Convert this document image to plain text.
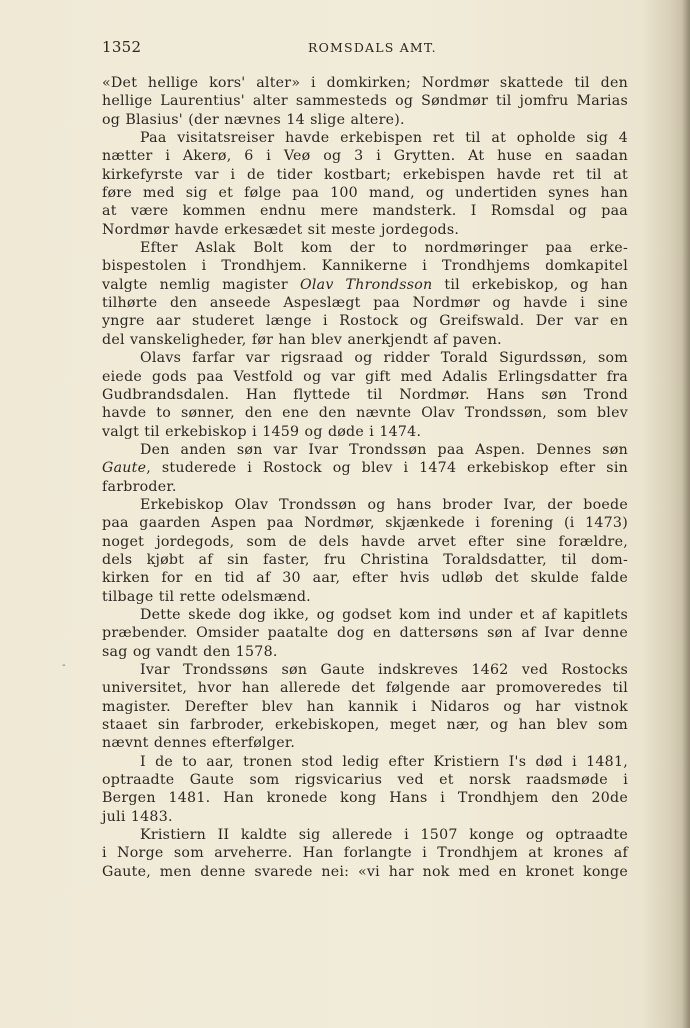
1352	ROMSDALS AMT.
-
«Det hellige kors' alter» i domkirken; Nordmør skattede til den
hellige Laurentius' alter sammesteds og Søndmør til jomfru Marias
og Blasius' (der nævnes 14 slige altere).
Paa visitatsreiser havde erkebispen ret til at opholde sig 4
nætter i Akerø, 6 i Veø og 3 i Grytten. At huse en saadan
kirkefyrste var i de tider kostbart; erkebispen havde ret til at
føre med sig et følge paa 100 mand, og undertiden synes han
at være kommen endnu mere mandsterk. I Romsdal og paa
Nordmør havde erkesædet sit meste jordegods.
Efter Aslak Bolt kom der to nordmøringer paa erke-
bispestolen i Trondhjem. Kannikerne i Trondhjems domkapitel
valgte nemlig magister Olav Throndsson til erkebiskop, og han
tilhørte den anseede Aspeslægt paa Nordmør og havde i sine
yngre aar studeret længe i Rostock og Greifswald. Der var en
del vanskeligheder, før han blev anerkjendt af paven.
Olavs farfar var rigsraad og ridder Torald Sigurdssøn, som
eiede gods paa Vestfold og var gift med Adalis Erlingsdatter fra
Gudbrandsdalen. Han flyttede til Nordmør. Hans søn Trond
havde to sønner, den ene den nævnte Olav Trondssøn, som blev
valgt til erkebiskop i 1459 og døde i 1474.
Den anden søn var Ivar Trondssøn paa Aspen. Dennes søn
Gaute, studerede i Rostock og blev i 1474 erkebiskop efter sin
farbroder.
Erkebiskop Olav Trondssøn og hans broder Ivar, der boede
paa gaarden Aspen paa Nordmør, skjænkede i forening (i 1473)
noget jordegods, som de dels havde arvet efter sine forældre,
dels kjøbt af sin faster, fru Christina Toraldsdatter, til dom-
kirken for en tid af 30 aar, efter hvis udløb det skulde falde
tilbage til rette odelsmænd.
Dette skede dog ikke, og godset kom ind under et af kapitlets
præbender. Omsider paatalte dog en dattersøns søn af Ivar denne
sag og vandt den 1578.
Ivar Trondssøns søn Gaute indskreves 1462 ved Rostocks
universitet, hvor han allerede det følgende aar promoveredes til
magister. Derefter blev han kannik i Nidaros og har vistnok
staaet sin farbroder, erkebiskopen, meget nær, og han blev som
nævnt dennes efterfølger.
I de to aar, tronen stod ledig efter Kristiern I's død i 1481,
optraadte Gaute som rigsvicarius ved et norsk raadsmøde i
Bergen 1481. Han kronede kong Hans i Trondhjem den 20de
juli 1483.
Kristiern II kaldte sig allerede i 1507 konge og optraadte
i Norge som arveherre. Han forlangte i Trondhjem at krones af
Gaute, men denne svarede nei: «vi har nok med en kronet konge
